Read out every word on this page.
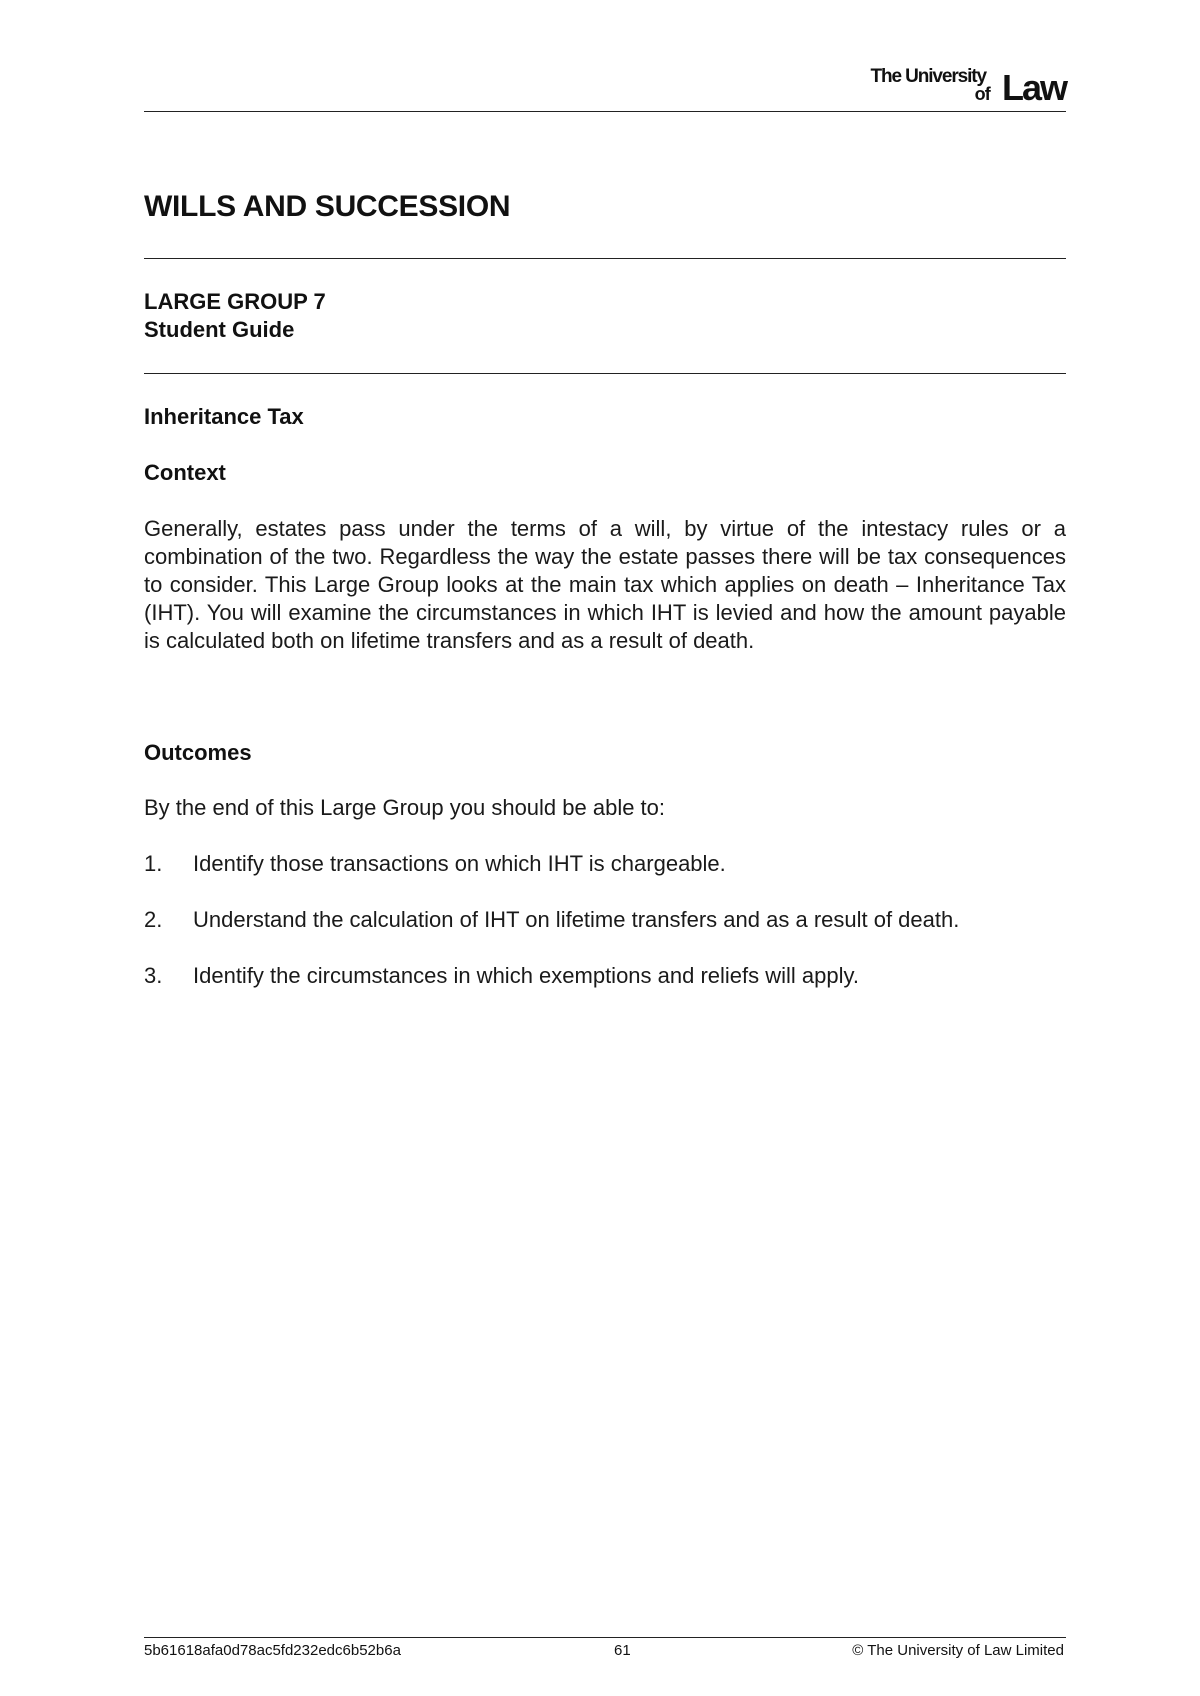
The University
of Law
WILLS AND SUCCESSION
LARGE GROUP 7
Student Guide
Inheritance Tax
Context

Generally, estates pass under the terms of a will, by virtue of the intestacy rules or a combination of the two. Regardless the way the estate passes there will be tax consequences to consider. This Large Group looks at the main tax which applies on death – Inheritance Tax (IHT). You will examine the circumstances in which IHT is levied and how the amount payable is calculated both on lifetime transfers and as a result of death.

Outcomes

By the end of this Large Group you should be able to:

1. Identify those transactions on which IHT is chargeable.
2. Understand the calculation of IHT on lifetime transfers and as a result of death.
3. Identify the circumstances in which exemptions and reliefs will apply.
5b61618afa0d78ac5fd232edc6b52b6a	61	© The University of Law Limited
